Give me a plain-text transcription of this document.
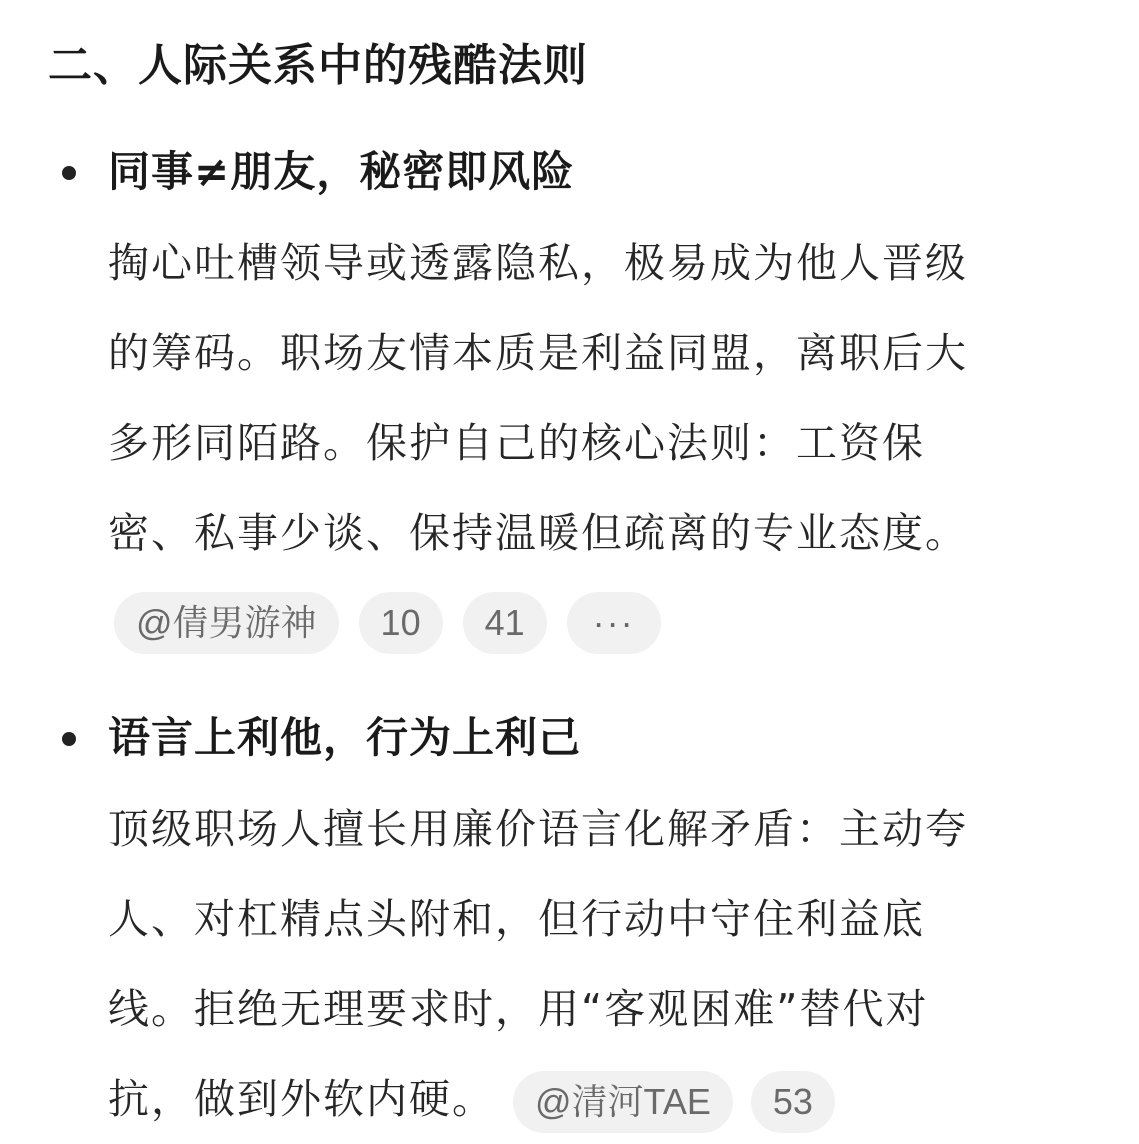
二、人际关系中的残酷法则
同事≠朋友，秘密即风险
掏心吐槽领导或透露隐私，极易成为他人晋级
的筹码。职场友情本质是利益同盟，离职后大
多形同陌路。保护自己的核心法则：工资保
密、私事少谈、保持温暖但疏离的专业态度。
@倩男游神	10	41	···
语言上利他，行为上利己
顶级职场人擅长用廉价语言化解矛盾：主动夸
人、对杠精点头附和，但行动中守住利益底
线。拒绝无理要求时，用“客观困难”替代对
抗，做到外软内硬。 @清河TAE 53
